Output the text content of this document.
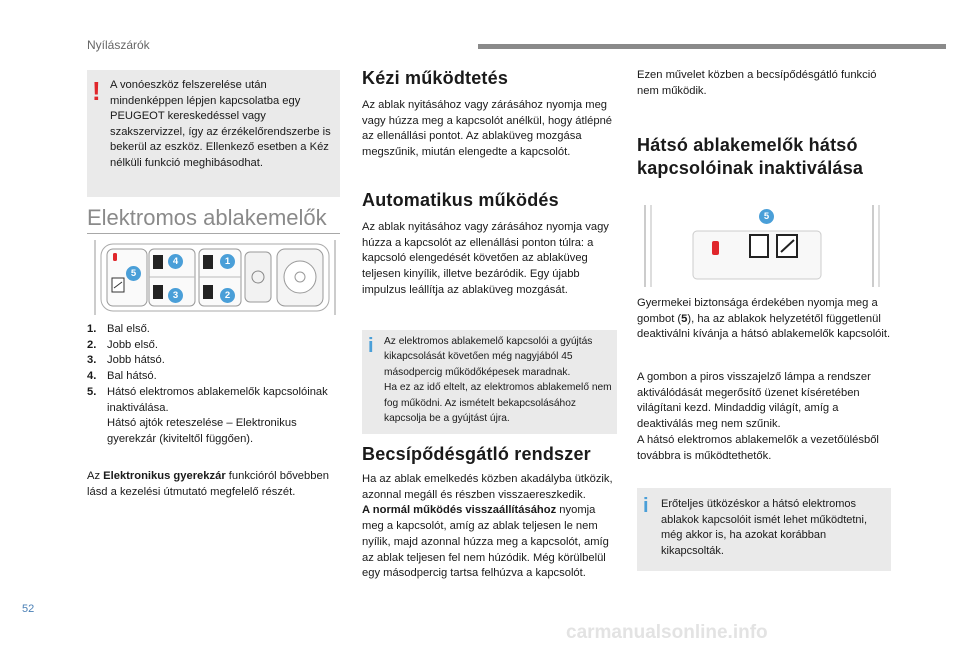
Nyílászárók
! A vonóeszköz felszerelése után mindenképpen lépjen kapcsolatba egy PEUGEOT kereskedéssel vagy szakszervizzel, így az érzékelőrendszerbe is bekerül az eszköz. Ellenkező esetben a Kéz nélküli funkció meghibásodhat.
Elektromos ablakemelők
4	1
5
3	2
1. Bal első.
2. Jobb első.
3. Jobb hátsó.
4. Bal hátsó.
5. Hátsó elektromos ablakemelők kapcsolóinak inaktiválása.
Hátsó ajtók reteszelése – Elektronikus gyerekzár (kiviteltől függően).
Az Elektronikus gyerekzár funkcióról bővebben lásd a kezelési útmutató megfelelő részét.
Kézi működtetés
Az ablak nyitásához vagy zárásához nyomja meg vagy húzza meg a kapcsolót anélkül, hogy átlépné az ellenállási pontot. Az ablaküveg mozgása megszűnik, miután elengedte a kapcsolót.
Automatikus működés
Az ablak nyitásához vagy zárásához nyomja vagy húzza a kapcsolót az ellenállási ponton túlra: a kapcsoló elengedését követően az ablaküveg teljesen kinyílik, illetve bezáródik. Egy újabb impulzus leállítja az ablaküveg mozgását.
i Az elektromos ablakemelő kapcsolói a gyújtás kikapcsolását követően még nagyjából 45 másodpercig működőképesek maradnak.
Ha ez az idő eltelt, az elektromos ablakemelő nem fog működni. Az ismételt bekapcsolásához kapcsolja be a gyújtást újra.
Becsípődésgátló rendszer
Ha az ablak emelkedés közben akadályba ütközik, azonnal megáll és részben visszaereszkedik.
A normál működés visszaállításához nyomja meg a kapcsolót, amíg az ablak teljesen le nem nyílik, majd azonnal húzza meg a kapcsolót, amíg az ablak teljesen fel nem húzódik. Még körülbelül egy másodpercig tartsa felhúzva a kapcsolót.
Ezen művelet közben a becsípődésgátló funkció nem működik.
Hátsó ablakemelők hátsó kapcsolóinak inaktiválása
5
Gyermekei biztonsága érdekében nyomja meg a gombot (5), ha az ablakok helyzetétől függetlenül deaktiválni kívánja a hátsó ablakemelők kapcsolóit.
A gombon a piros visszajelző lámpa a rendszer aktiválódását megerősítő üzenet kíséretében világítani kezd. Mindaddig világít, amíg a deaktiválás meg nem szűnik.
A hátsó elektromos ablakemelők a vezetőülésből továbbra is működtethetők.
i Erőteljes ütközéskor a hátsó elektromos ablakok kapcsolóit ismét lehet működtetni, még akkor is, ha azokat korábban kikapcsolták.
52
carmanualsonline.info
